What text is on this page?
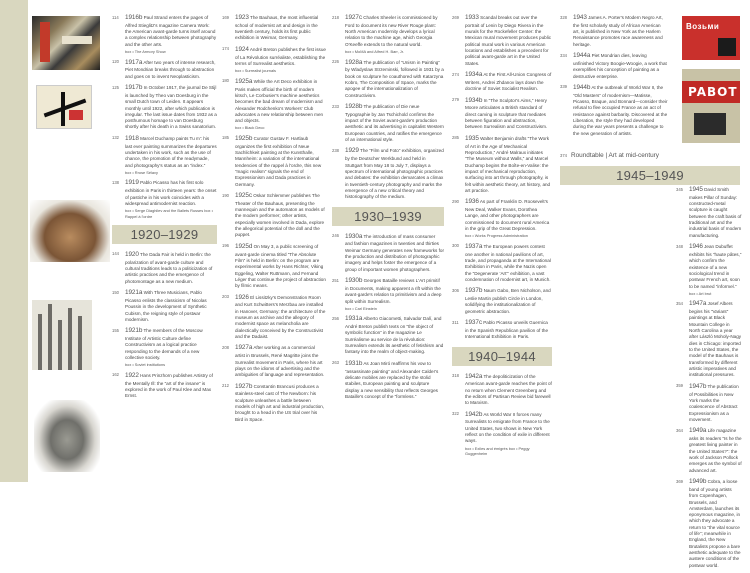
Возьми
PABOT
114 1916b Paul Strand enters the pages of Alfred Stieglitz's magazine Camera Work: the American avant-garde turns itself around a complex relationship between photography and the other arts.
box • The Armory Show
120 1917a After two years of intense research, Piet Mondrian breaks through to abstraction and goes on to invent Neoplasticism.
125 1917b In October 1917, the journal De Stijl is launched by Theo van Doesburg in the small Dutch town of Leiden. It appears monthly until 1922, after which publication is irregular. The last issue dates from 1932 as a posthumous homage to van Doesburg shortly after his death in a Swiss sanatorium.
132 1918 Marcel Duchamp paints Tu m': his last ever painting summarizes the departures undertaken in his work, such as the use of chance, the promotion of the readymade, and photography's status as an “index.”
box • Rrose Sélavy
138 1919 Pablo Picasso has his first solo exhibition in Paris in thirteen years: the onset of pastiche in his work coincides with a widespread antimodernist reaction.
box • Serge Diaghilev and the Ballets Russes box • Rappel à l'ordre
1920–1929
144 1920 The Dada Fair is held in Berlin: the polarization of avant-garde culture and cultural traditions leads to a politicization of artistic practices and the emergence of photomontage as a new medium.
150 1921a With Three Musicians, Pablo Picasso enlists the classicism of Nicolas Poussin in the development of Synthetic Cubism, the reigning style of postwar modernism.
155 1921b The members of the Moscow Institute of Artistic Culture define Constructivism as a logical practice responding to the demands of a new collective society.
box • Soviet institutions
162 1922 Hans Prinzhorn publishes Artistry of the Mentally Ill: the “art of the insane” is explored in the work of Paul Klee and Max Ernst.
169 1923 The Bauhaus, the most influential school of modernist art and design in the twentieth century, holds its first public exhibition in Weimar, Germany.
174 1924 André Breton publishes the first issue of La Révolution surréaliste, establishing the terms of Surrealist aesthetics.
box • Surrealist journals
180 1925a While the Art Deco exhibition in Paris makes official the birth of modern kitsch, Le Corbusier's machine aesthetics becomes the bad dream of modernism and Alexander Rodchenko's Workers' Club advocates a new relationship between men and objects.
box • Black Deco
185 1925b Curator Gustav F. Hartlaub organizes the first exhibition of Neue Sachlichkeit painting at the Kunsthalle, Mannheim: a variation of the international tendencies of the rappel à l'ordre, this new “magic realism” signals the end of Expressionism and Dada practices in Germany.
190 1925c Oskar Schlemmer publishes The Theater of the Bauhaus, presenting the mannequin and the automaton as models of the modern performer; other artists, especially women involved in Dada, explore the allegorical potential of the doll and the puppet.
196 1925d On May 3, a public screening of avant-garde cinema titled “The Absolute Film” is held in Berlin: on the program are experimental works by Hans Richter, Viking Eggeling, Walter Ruttmann, and Fernand Léger that continue the project of abstraction by filmic means.
203 1926 El Lissitzky's Demonstration Room and Kurt Schwitters's Merzbau are installed in Hanover, Germany: the architecture of the museum as archive and the allegory of modernist space as melancholia are dialectically conceived by the Constructivist and the Dadaist.
208 1927a After working as a commercial artist in Brussels, René Magritte joins the Surrealist movement in Paris, where his art plays on the idioms of advertising and the ambiguities of language and representation.
212 1927b Constantin Brancusi produces a stainless-steel cast of The Newborn: his sculpture unleashes a battle between models of high art and industrial production, brought to a head in the US trial over his Bird in Space.
218 1927c Charles Sheeler is commissioned by Ford to document its new River Rouge plant: North American modernity develops a lyrical relation to the machine age, which Georgia O'Keeffe extends to the natural world.
box • MoMA and Alfred H. Barr, Jr.
226 1928a The publication of “Unism in Painting” by Wladyslaw Strzeminski, followed in 1931 by a book on sculpture he coauthored with Katarzyna Kobro, The Composition of Space, marks the apogee of the internationalization of Constructivism.
233 1928b The publication of Die neue Typographie by Jan Tschichold confirms the impact of the Soviet avant-garde's production aesthetic and its advertising in capitalist Western European countries, and ratifies the emergence of an international style.
238 1929 The “Film und Foto” exhibition, organized by the Deutscher Werkbund and held in Stuttgart from May 18 to July 7, displays a spectrum of international photographic practices and debates: the exhibition demarcates a climax in twentieth-century photography and marks the emergence of a new critical theory and historiography of the medium.
1930–1939
246 1930a The introduction of mass consumer and fashion magazines in twenties and thirties Weimar Germany generates new frameworks for the production and distribution of photographic imagery and helps foster the emergence of a group of important women photographers.
251 1930b Georges Bataille reviews L'Art primitif in Documents, making apparent a rift within the avant-garde's relation to primitivism and a deep split within Surrealism.
box • Carl Einstein
256 1931a Alberto Giacometti, Salvador Dalí, and André Breton publish texts on “the object of symbolic function” in the magazine Le Surréalisme au service de la révolution: Surrealism extends its aesthetic of fetishism and fantasy into the realm of object-making.
263 1931b As Joan Miró reaffirms his vow to “assassinate painting” and Alexander Calder's delicate mobiles are replaced by the stolid stabiles, European painting and sculpture display a new sensibility that reflects Georges Bataille's concept of the “formless.”
269 1933 Scandal breaks out over the portrait of Lenin by Diego Rivera in the murals for the Rockefeller Center: the Mexican mural movement produces public political mural work in various American locations and establishes a precedent for political avant-garde art in the United States.
274 1934a At the First All-Union Congress of Writers, Andrei Zhdanov lays down the doctrine of Soviet Socialist Realism.
279 1934b In “The Sculptor's Aims,” Henry Moore articulates a British standard of direct carving in sculpture that mediates between figuration and abstraction, between Surrealism and Constructivism.
285 1935 Walter Benjamin drafts “The Work of Art in the Age of Mechanical Reproduction,” André Malraux initiates “The Museum without Walls,” and Marcel Duchamp begins the Boîte-en-Valise: the impact of mechanical reproduction, surfacing into art through photography, is felt within aesthetic theory, art history, and art practice.
290 1936 As part of Franklin D. Roosevelt's New Deal, Walker Evans, Dorothea Lange, and other photographers are commissioned to document rural America in the grip of the Great Depression.
box • Works Progress Administration
300 1937a The European powers contest one another in national pavilions of art, trade, and propaganda at the International Exhibition in Paris, while the Nazis open the “Degenerate ‘Art’” exhibition, a vast condemnation of modernist art, in Munich.
306 1937b Naum Gabo, Ben Nicholson, and Leslie Martin publish Circle in London, solidifying the institutionalization of geometric abstraction.
311 1937c Pablo Picasso unveils Guernica in the Spanish Republican pavilion of the International Exhibition in Paris.
1940–1944
318 1942a The depoliticization of the American avant-garde reaches the point of no return when Clement Greenberg and the editors of Partisan Review bid farewell to Marxism.
322 1942b As World War II forces many Surrealists to emigrate from France to the United States, two shows in New York reflect on the condition of exile in different ways.
box • Exiles and émigrés box • Peggy Guggenheim
328 1943 James A. Porter's Modern Negro Art, the first scholarly study of African American art, is published in New York as the Harlem Renaissance promotes race awareness and heritage.
334 1944a Piet Mondrian dies, leaving unfinished Victory Boogie-Woogie, a work that exemplifies his conception of painting as a destructive enterprise.
339 1944b At the outbreak of World War II, the “Old Masters” of modernism—Matisse, Picasso, Braque, and Bonnard—consider their refusal to flee occupied France as an act of resistance against barbarity. Discovered at the Liberation, the style they had developed during the war years presents a challenge to the new generation of artists.
374 Roundtable | Art at mid-century
1945–1949
345 1945 David Smith makes Pillar of Sunday: constructed-metal sculpture is caught between the craft basis of traditional art and the industrial basis of modern manufacturing.
348 1946 Jean Dubuffet exhibits his “haute pâtes,” which confirm the existence of a new sociological trend in postwar French art, soon to be named “informel.”
box • Art brut
354 1947a Josef Albers begins his “Variant” paintings at Black Mountain College in North Carolina a year after László Moholy-Nagy dies in Chicago: imported to the United States, the model of the Bauhaus is transformed by different artistic imperatives and institutional pressures.
359 1947b The publication of Possibilities in New York marks the coalescence of Abstract Expressionism as a movement.
364 1949a Life magazine asks its readers “Is he the greatest living painter in the United States?”: the work of Jackson Pollock emerges as the symbol of advanced art.
369 1949b Cobra, a loose band of young artists from Copenhagen, Brussels, and Amsterdam, launches its eponymous magazine, in which they advocate a return to “the vital source of life”; meanwhile in England, the New Brutalists propose a bare aesthetic adequate to the austere conditions of the postwar world.
